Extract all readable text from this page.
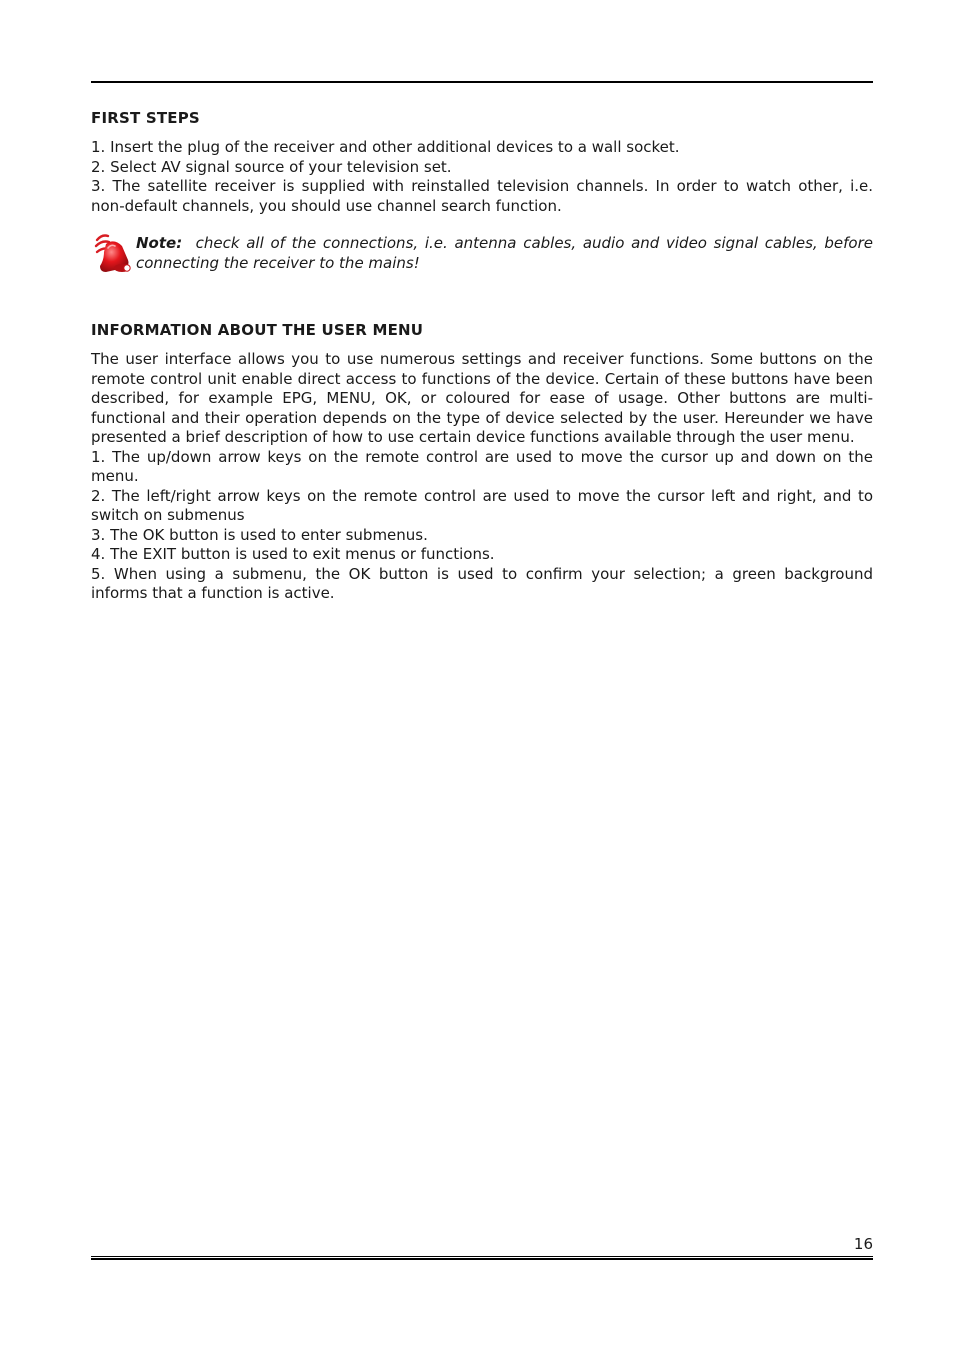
FIRST STEPS

1. Insert the plug of the receiver and other additional devices to a wall socket.

2. Select AV signal source of your television set.

3. The satellite receiver is supplied with reinstalled television channels. In order to watch other, i.e. non-default channels, you should use channel search function.

Note: check all of the connections, i.e. antenna cables, audio and video signal cables, before connecting the receiver to the mains!
INFORMATION ABOUT THE USER MENU

The user interface allows you to use numerous settings and receiver functions. Some buttons on the remote control unit enable direct access to functions of the device. Certain of these buttons have been described, for example EPG, MENU, OK, or coloured for ease of usage. Other buttons are multi-functional and their operation depends on the type of device selected by the user. Hereunder we have presented a brief description of how to use certain device functions available through the user menu.

1. The up/down arrow keys on the remote control are used to move the cursor up and down on the menu.

2. The left/right arrow keys on the remote control are used to move the cursor left and right, and to switch on submenus

3. The OK button is used to enter submenus.

4. The EXIT button is used to exit menus or functions.

5. When using a submenu, the OK button is used to confirm your selection; a green background informs that a function is active.

16
